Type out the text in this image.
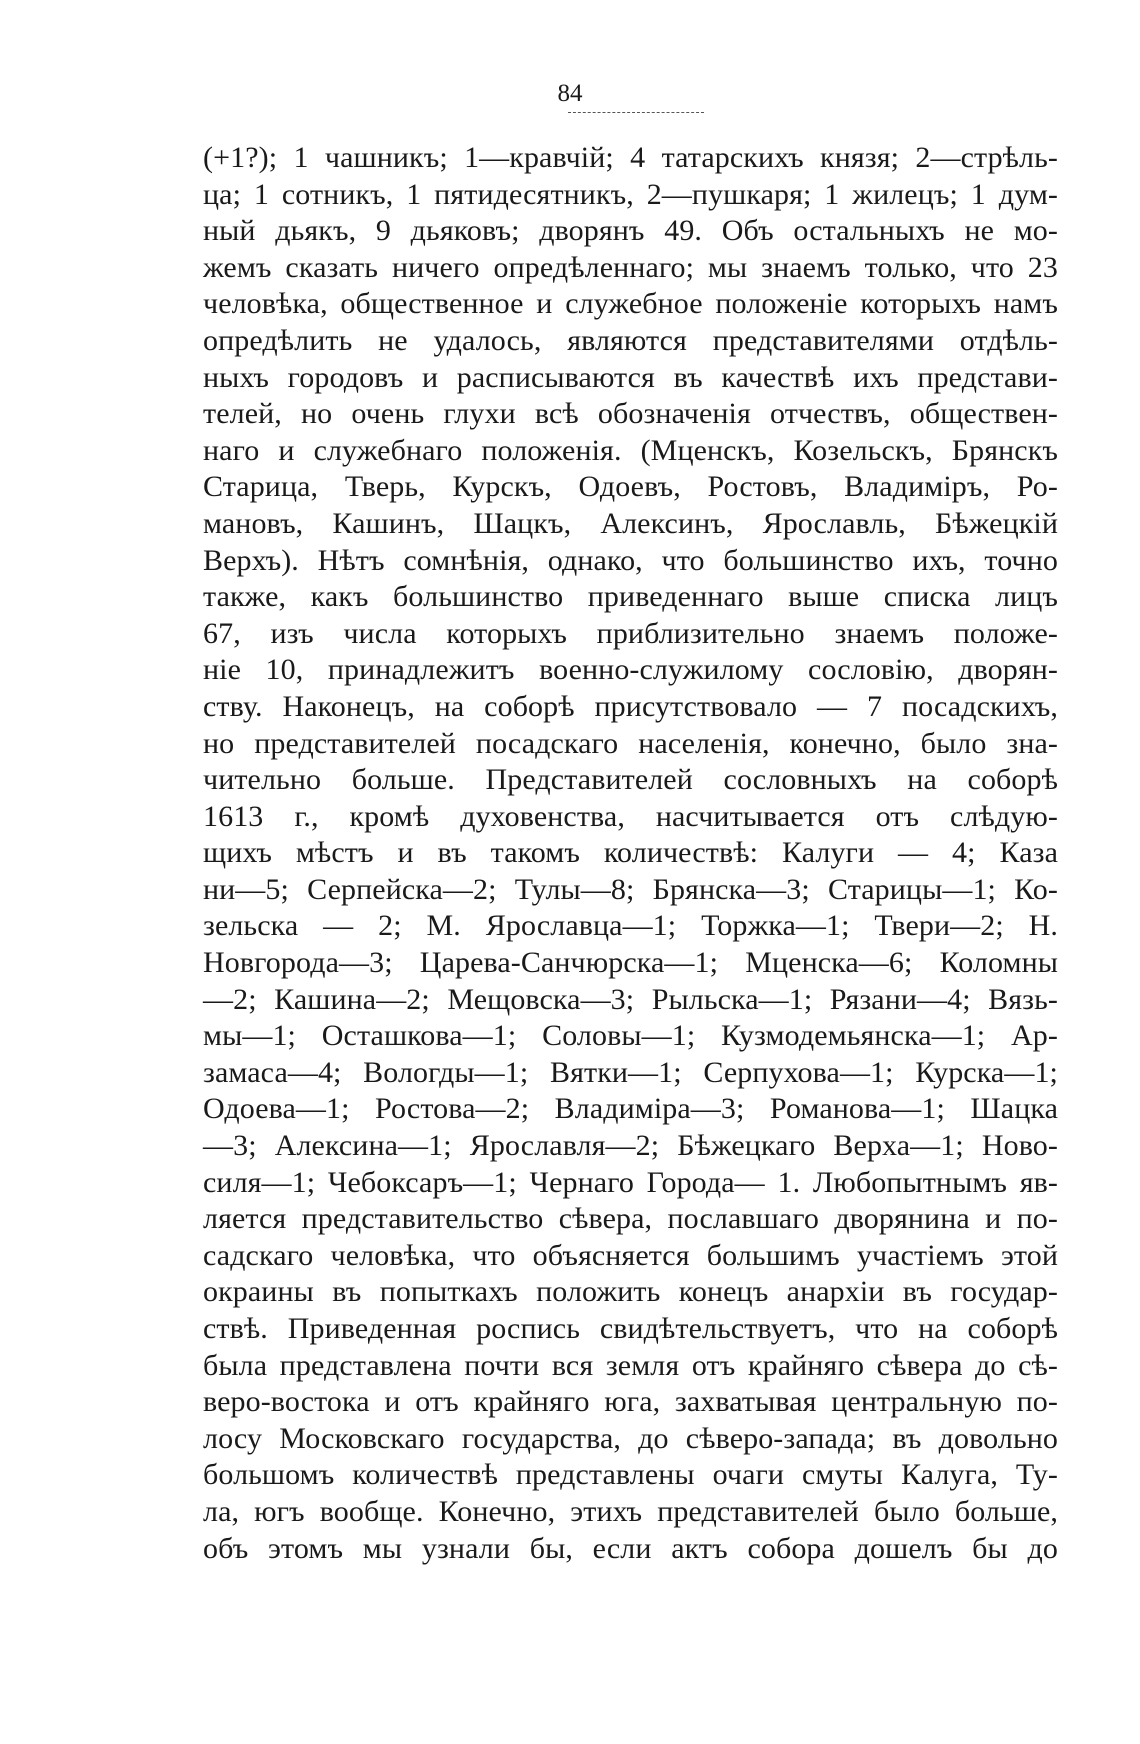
84
(+1?); 1 чашникъ; 1—кравчій; 4 татарскихъ князя; 2—стрѣль-
ца; 1 сотникъ, 1 пятидесятникъ, 2—пушкаря; 1 жилецъ; 1 дум-
ный дьякъ, 9 дьяковъ; дворянъ 49. Объ остальныхъ не мо-
жемъ сказать ничего опредѣленнаго; мы знаемъ только, что 23
человѣка, общественное и служебное положеніе которыхъ намъ
опредѣлить не удалось, являются представителями отдѣль-
ныхъ городовъ и расписываются въ качествѣ ихъ представи-
телей, но очень глухи всѣ обозначенія отчествъ, обществен-
наго и служебнаго положенія. (Мценскъ, Козельскъ, Брянскъ
Старица, Тверь, Курскъ, Одоевъ, Ростовъ, Владиміръ, Ро-
мановъ, Кашинъ, Шацкъ, Алексинъ, Ярославль, Бѣжецкій
Верхъ). Нѣтъ сомнѣнія, однако, что большинство ихъ, точно
также, какъ большинство приведеннаго выше списка лицъ
67, изъ числа которыхъ приблизительно знаемъ положе-
ніе 10, принадлежитъ военно-служилому сословію, дворян-
ству. Наконецъ, на соборѣ присутствовало — 7 посадскихъ,
но представителей посадскаго населенія, конечно, было зна-
чительно больше. Представителей сословныхъ на соборѣ
1613 г., кромѣ духовенства, насчитывается отъ слѣдую-
щихъ мѣстъ и въ такомъ количествѣ: Калуги — 4; Каза
ни—5; Серпейска—2; Тулы—8; Брянска—3; Старицы—1; Ко-
зельска — 2; М. Ярославца—1; Торжка—1; Твери—2; Н.
Новгорода—3; Царева-Санчюрска—1; Мценска—6; Коломны
—2; Кашина—2; Мещовска—3; Рыльска—1; Рязани—4; Вязь-
мы—1; Осташкова—1; Соловы—1; Кузмодемьянска—1; Ар-
замаса—4; Вологды—1; Вятки—1; Серпухова—1; Курска—1;
Одоева—1; Ростова—2; Владиміра—3; Романова—1; Шацка
—3; Алексина—1; Ярославля—2; Бѣжецкаго Верха—1; Ново-
силя—1; Чебоксаръ—1; Чернаго Города— 1. Любопытнымъ яв-
ляется представительство сѣвера, пославшаго дворянина и по-
садскаго человѣка, что объясняется большимъ участіемъ этой
окраины въ попыткахъ положить конецъ анархіи въ государ-
ствѣ. Приведенная роспись свидѣтельствуетъ, что на соборѣ
была представлена почти вся земля отъ крайняго сѣвера до сѣ-
веро-востока и отъ крайняго юга, захватывая центральную по-
лосу Московскаго государства, до сѣверо-запада; въ довольно
большомъ количествѣ представлены очаги смуты Калуга, Ту-
ла, югъ вообще. Конечно, этихъ представителей было больше,
объ этомъ мы узнали бы, если актъ собора дошелъ бы до
